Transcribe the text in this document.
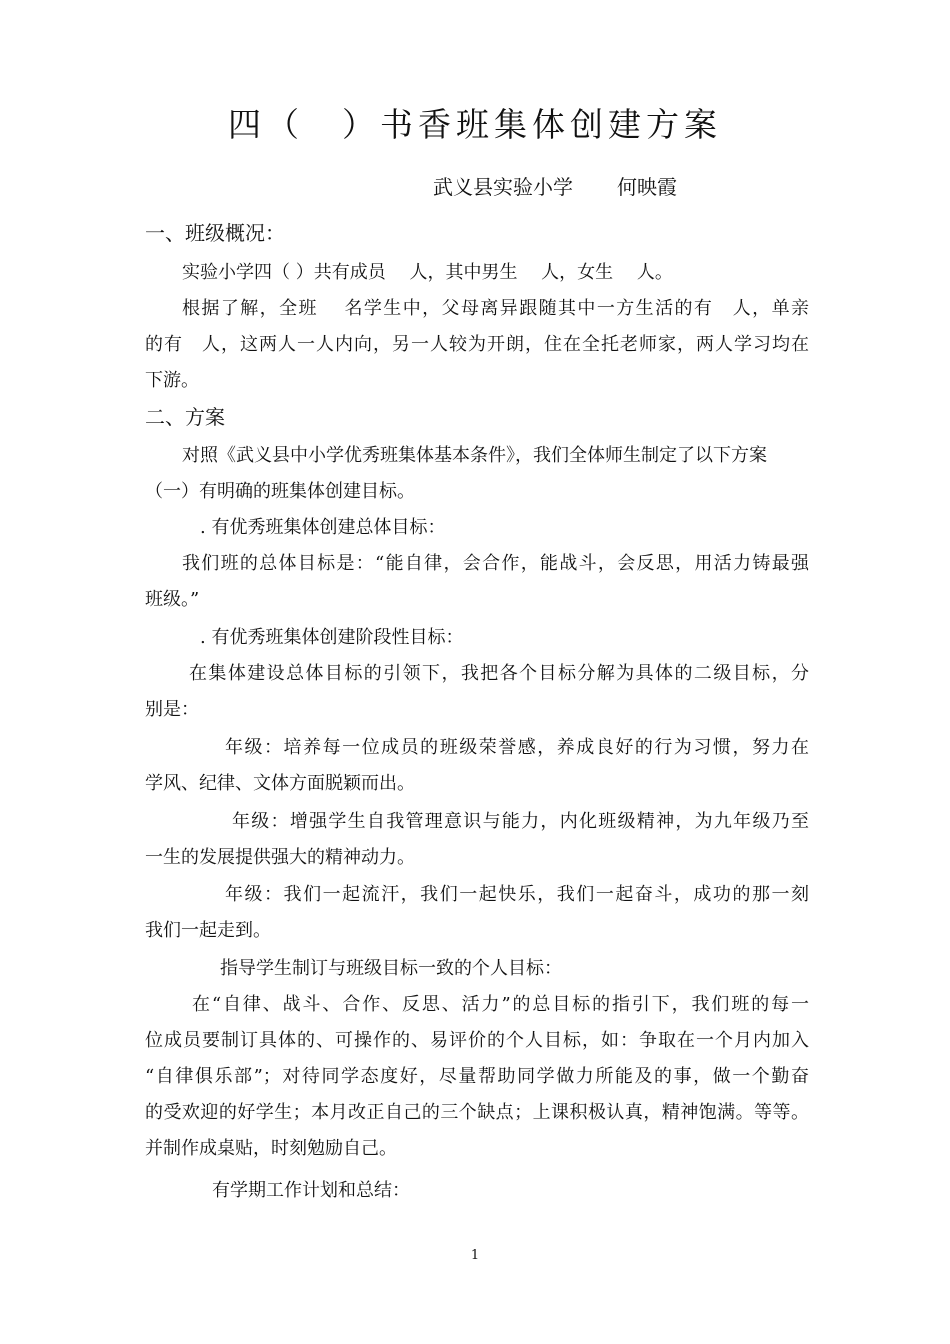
四（　）书香班集体创建方案
武义县实验小学 何映霞
一、班级概况：
实验小学四（ ）共有成员　 人，其中男生　 人，女生　 人。
根据了解，全班　 名学生中，父母离异跟随其中一方生活的有　人，单亲
的有　人，这两人一人内向，另一人较为开朗，住在全托老师家，两人学习均在
下游。
二、方案
对照《武义县中小学优秀班集体基本条件》，我们全体师生制定了以下方案
（一）有明确的班集体创建目标。
. 有优秀班集体创建总体目标：
我们班的总体目标是：“能自律，会合作，能战斗，会反思，用活力铸最强
班级。”
. 有优秀班集体创建阶段性目标：
在集体建设总体目标的引领下，我把各个目标分解为具体的二级目标，分
别是：
年级：培养每一位成员的班级荣誉感，养成良好的行为习惯，努力在
学风、纪律、文体方面脱颖而出。
年级：增强学生自我管理意识与能力，内化班级精神，为九年级乃至
一生的发展提供强大的精神动力。
年级：我们一起流汗，我们一起快乐，我们一起奋斗，成功的那一刻
我们一起走到。
指导学生制订与班级目标一致的个人目标：
在“自律、战斗、合作、反思、活力”的总目标的指引下，我们班的每一
位成员要制订具体的、可操作的、易评价的个人目标，如：争取在一个月内加入
“自律俱乐部”；对待同学态度好，尽量帮助同学做力所能及的事，做一个勤奋
的受欢迎的好学生；本月改正自己的三个缺点；上课积极认真，精神饱满。等等。
并制作成桌贴，时刻勉励自己。
有学期工作计划和总结：
1
